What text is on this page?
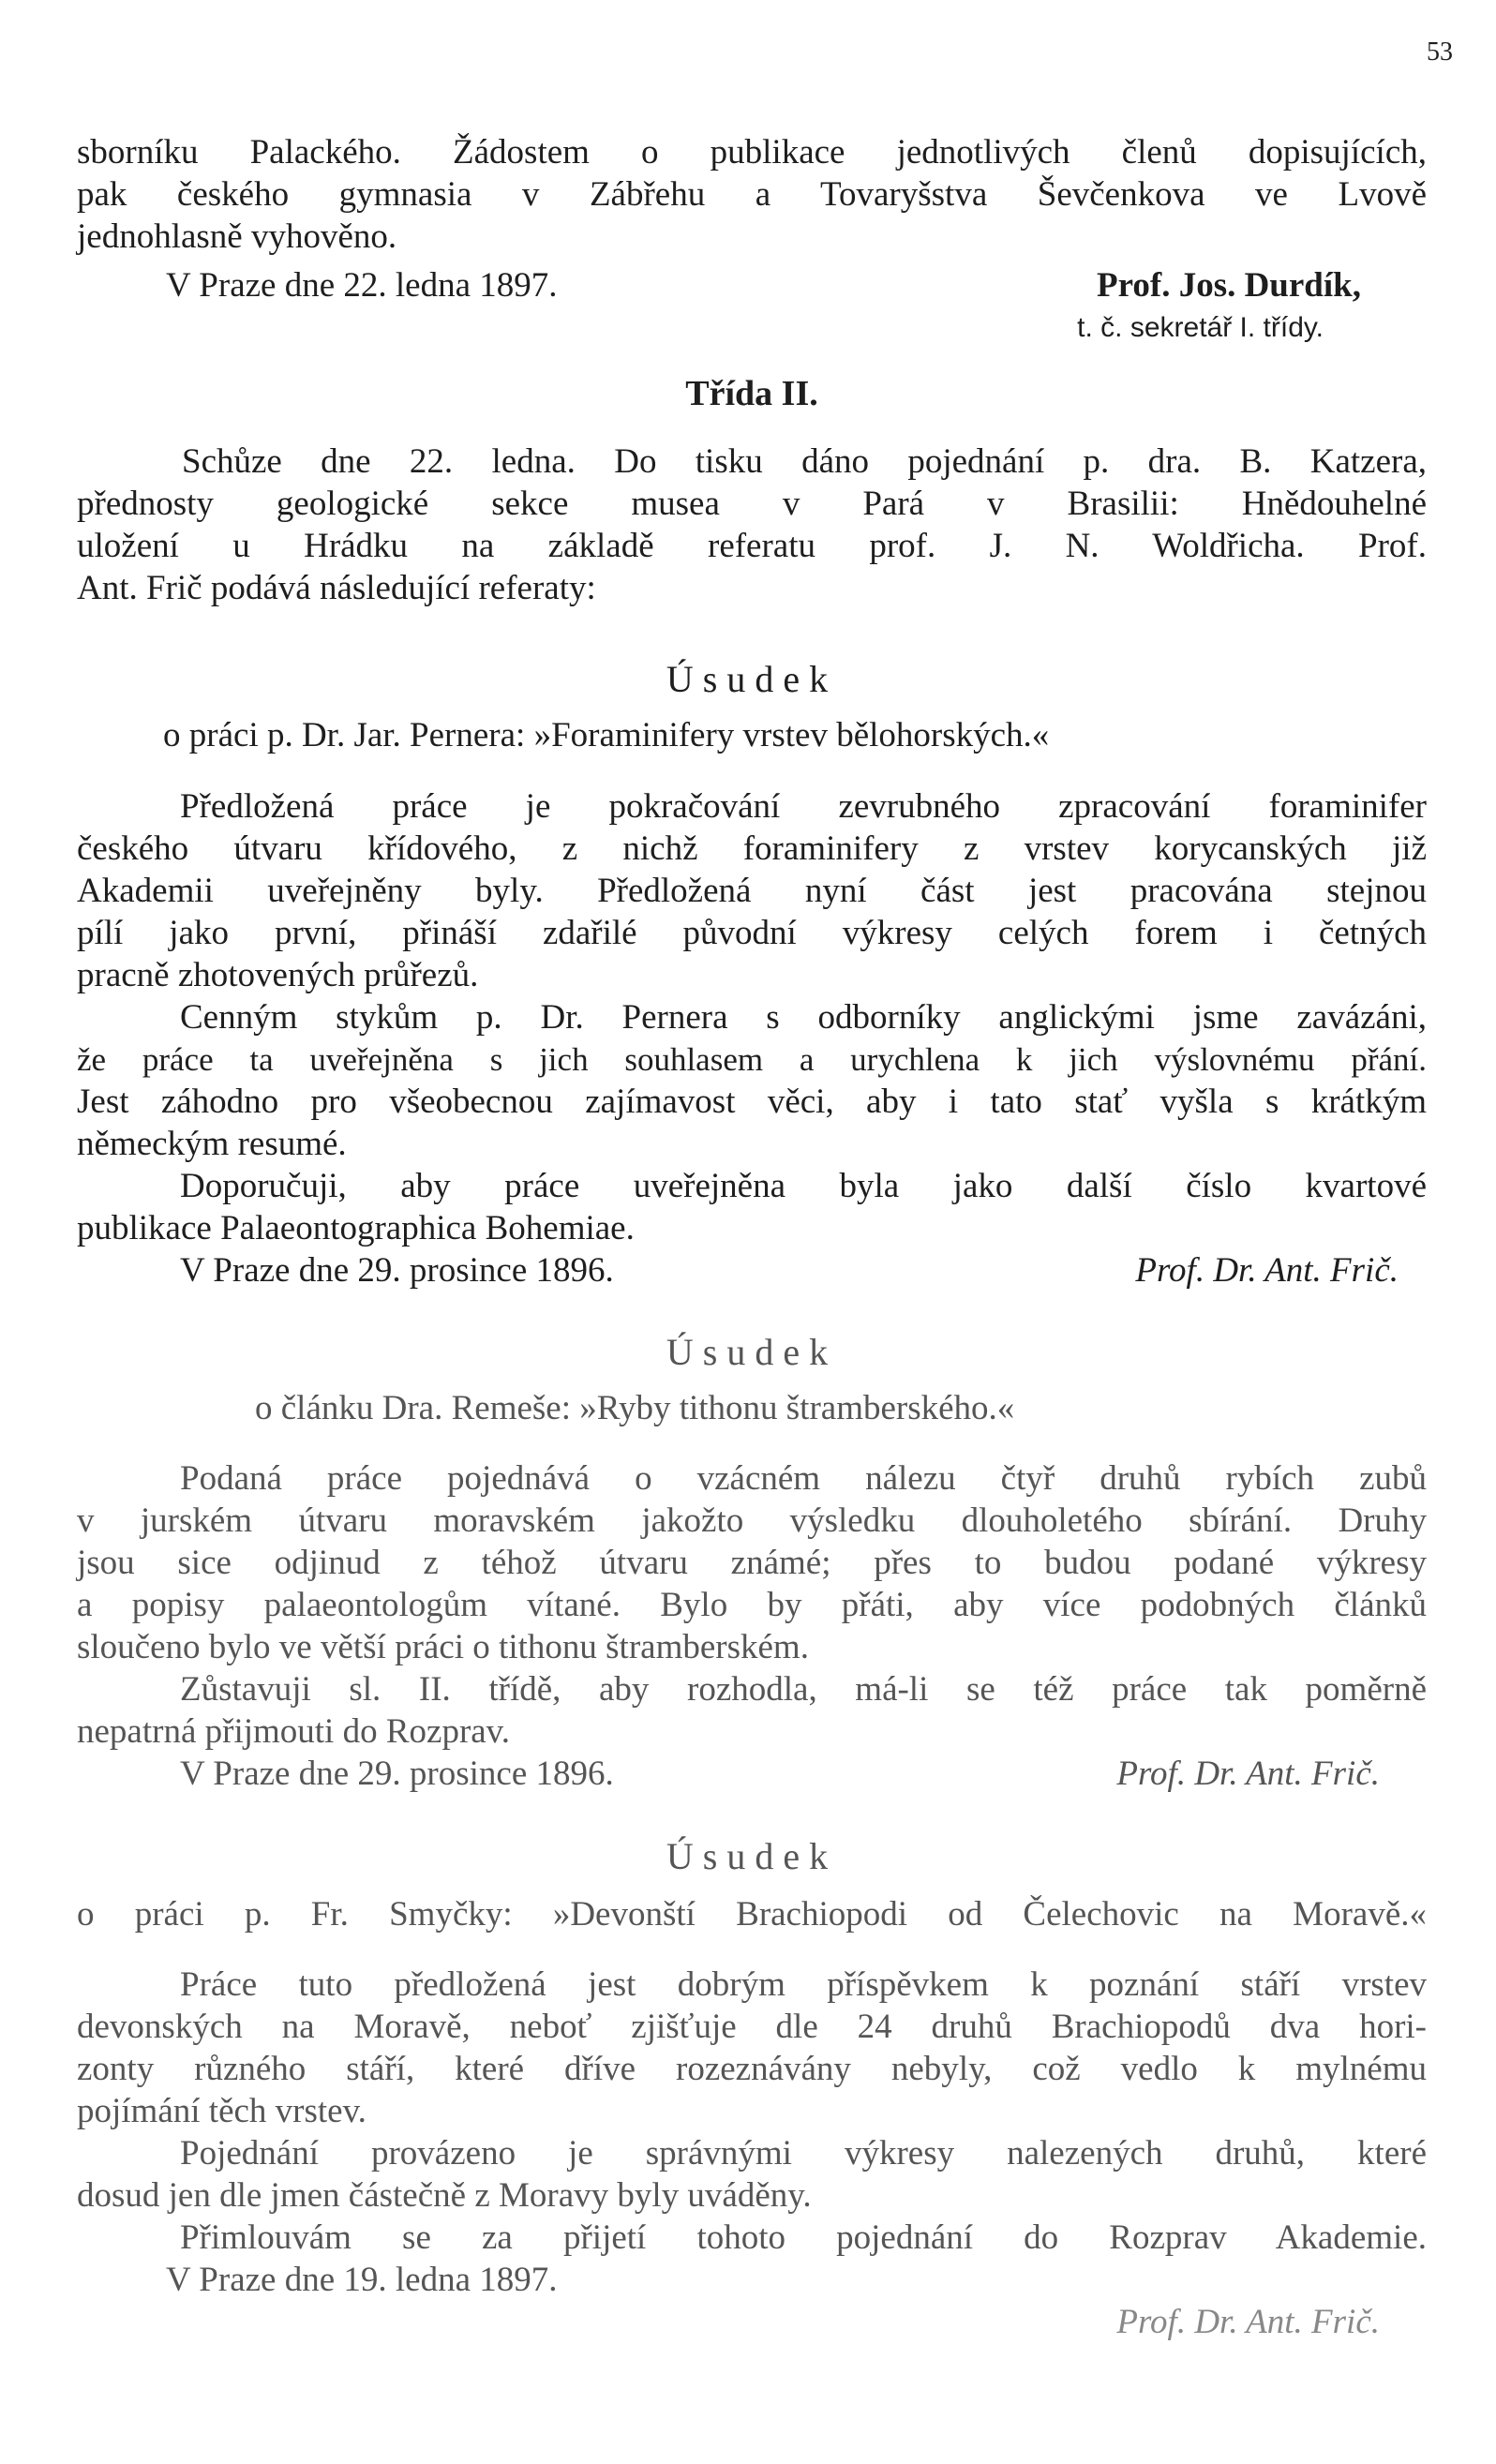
53
sborníku Palackého. Žádostem o publikace jednotlivých členů dopisujících,
pak českého gymnasia v Zábřehu a Tovaryšstva Ševčenkova ve Lvově
jednohlasně vyhověno.
V Praze dne 22. ledna 1897.	Prof. Jos. Durdík,
t. č. sekretář I. třídy.
Třída II.
Schůze dne 22. ledna. Do tisku dáno pojednání p. dra. B. Katzera,
přednosty geologické sekce musea v Pará v Brasilii: Hnědouhelné
uložení u Hrádku na základě referatu prof. J. N. Woldřicha. Prof.
Ant. Frič podává následující referaty:
Úsudek
o práci p. Dr. Jar. Pernera: »Foraminifery vrstev bělohorských.«
Předložená práce je pokračování zevrubného zpracování foraminifer
českého útvaru křídového, z nichž foraminifery z vrstev korycanských již
Akademii uveřejněny byly. Předložená nyní část jest pracována stejnou
pílí jako první, přináší zdařilé původní výkresy celých forem i četných
pracně zhotovených průřezů.
Cenným stykům p. Dr. Pernera s odborníky anglickými jsme zavázáni,
že práce ta uveřejněna s jich souhlasem a urychlena k jich výslovnému přání.
Jest záhodno pro všeobecnou zajímavost věci, aby i tato stať vyšla s krátkým
německým resumé.
Doporučuji, aby práce uveřejněna byla jako další číslo kvartové
publikace Palaeontographica Bohemiae.
V Praze dne 29. prosince 1896.	Prof. Dr. Ant. Frič.
Úsudek
o článku Dra. Remeše: »Ryby tithonu štramberského.«
Podaná práce pojednává o vzácném nálezu čtyř druhů rybích zubů
v jurském útvaru moravském jakožto výsledku dlouholetého sbírání. Druhy
jsou sice odjinud z téhož útvaru známé; přes to budou podané výkresy
a popisy palaeontologům vítané. Bylo by přáti, aby více podobných článků
sloučeno bylo ve větší práci o tithonu štramberském.
Zůstavuji sl. II. třídě, aby rozhodla, má-li se též práce tak poměrně
nepatrná přijmouti do Rozprav.
V Praze dne 29. prosince 1896.	Prof. Dr. Ant. Frič.
Úsudek
o práci p. Fr. Smyčky: »Devonští Brachiopodi od Čelechovic na Moravě.«
Práce tuto předložená jest dobrým příspěvkem k poznání stáří vrstev
devonských na Moravě, neboť zjišťuje dle 24 druhů Brachiopodů dva hori-
zonty různého stáří, které dříve rozeznávány nebyly, což vedlo k mylnému
pojímání těch vrstev.
Pojednání provázeno je správnými výkresy nalezených druhů, které
dosud jen dle jmen částečně z Moravy byly uváděny.
Přimlouvám se za přijetí tohoto pojednání do Rozprav Akademie.
V Praze dne 19. ledna 1897.
Prof. Dr. Ant. Frič.
